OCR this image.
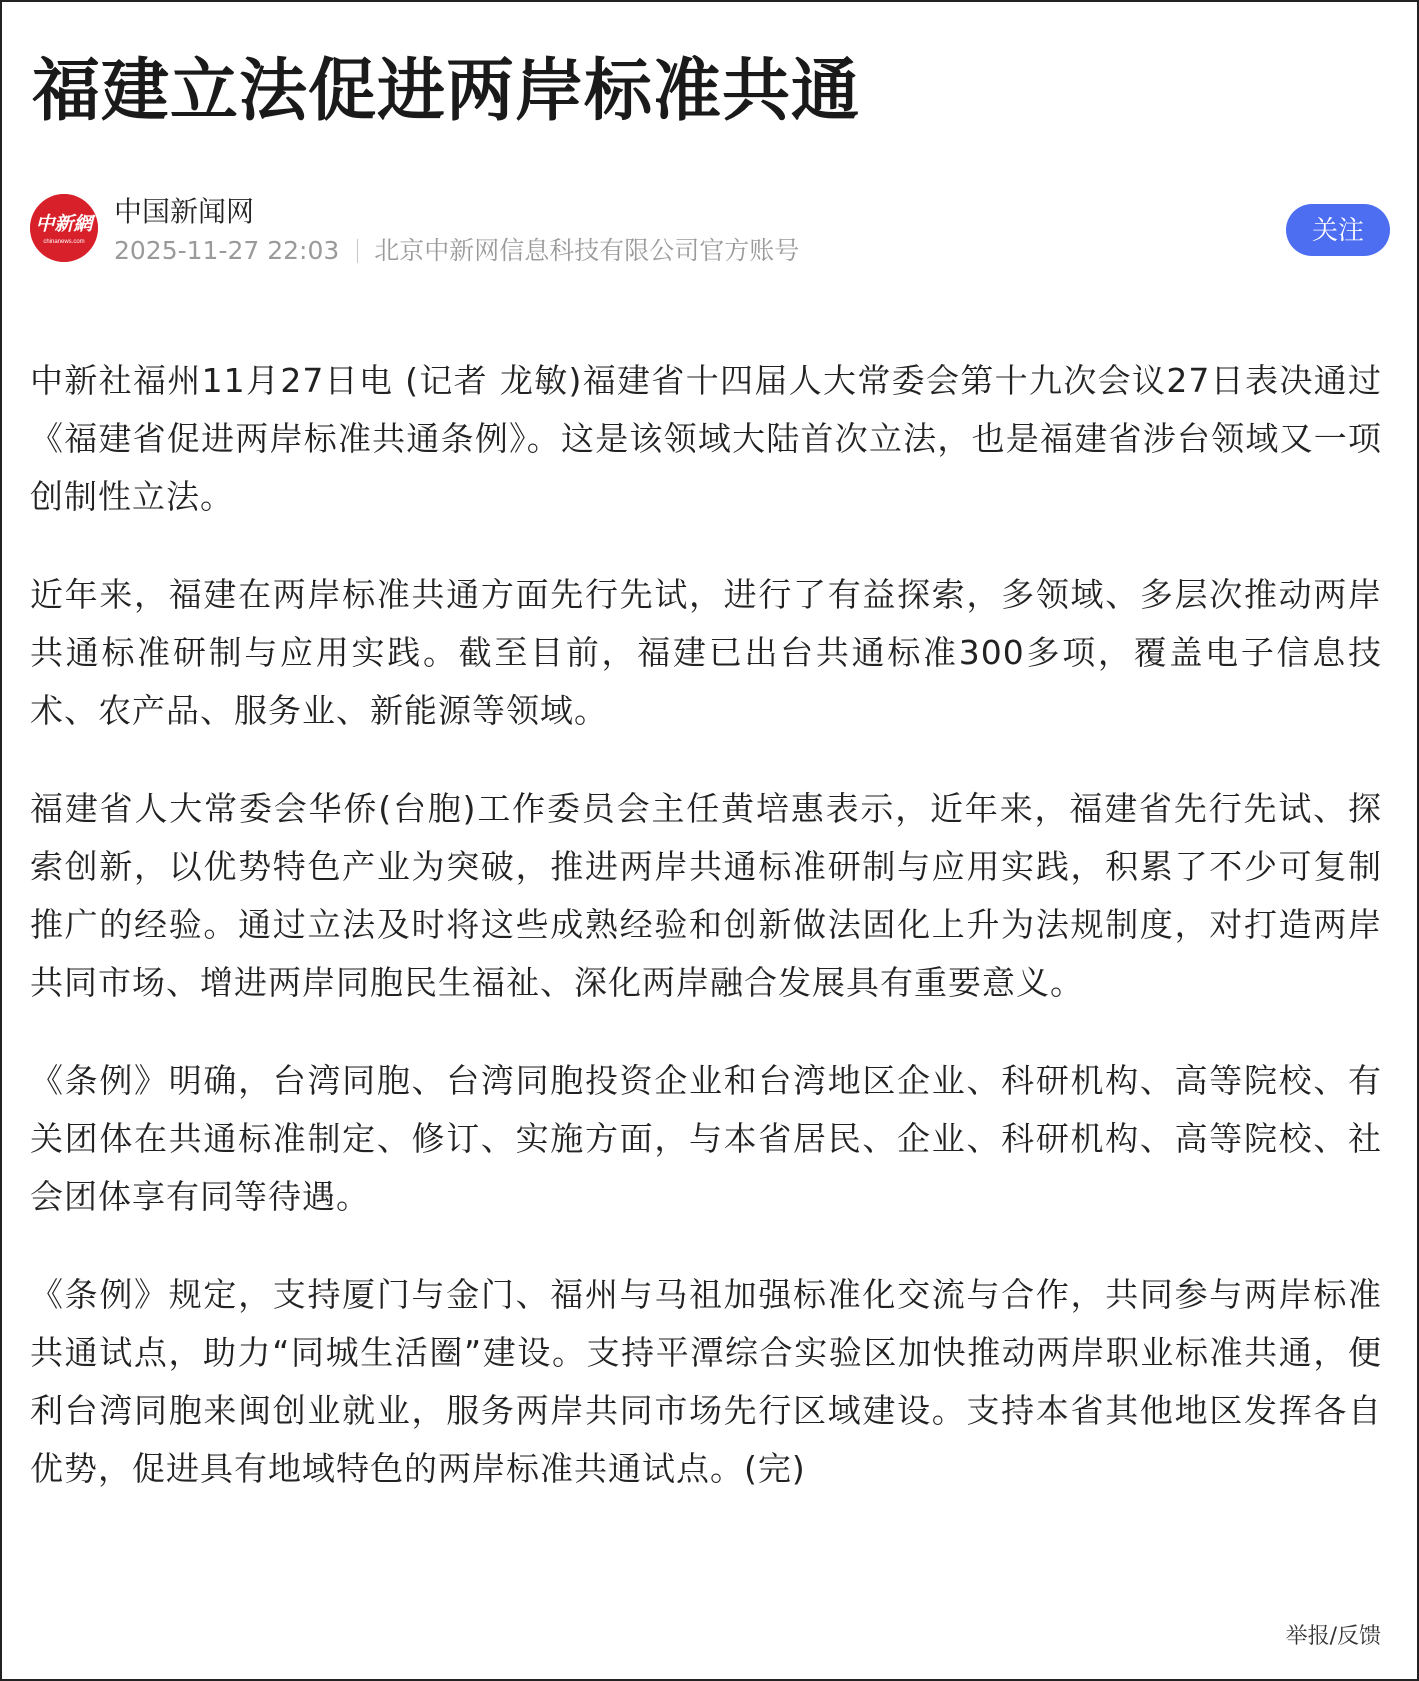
福建立法促进两岸标准共通
中新網
chinanews.com
中国新闻网
2025-11-27 22:03 北京中新网信息科技有限公司官方账号
关注

中新社福州11月27日电 (记者 龙敏)福建省十四届人大常委会第十九次会议27日表决通过《福建省促进两岸标准共通条例》。这是该领域大陆首次立法，也是福建省涉台领域又一项创制性立法。

近年来，福建在两岸标准共通方面先行先试，进行了有益探索，多领域、多层次推动两岸共通标准研制与应用实践。截至目前，福建已出台共通标准300多项，覆盖电子信息技术、农产品、服务业、新能源等领域。

福建省人大常委会华侨(台胞)工作委员会主任黄培惠表示，近年来，福建省先行先试、探索创新，以优势特色产业为突破，推进两岸共通标准研制与应用实践，积累了不少可复制推广的经验。通过立法及时将这些成熟经验和创新做法固化上升为法规制度，对打造两岸共同市场、增进两岸同胞民生福祉、深化两岸融合发展具有重要意义。

《条例》明确，台湾同胞、台湾同胞投资企业和台湾地区企业、科研机构、高等院校、有关团体在共通标准制定、修订、实施方面，与本省居民、企业、科研机构、高等院校、社会团体享有同等待遇。

《条例》规定，支持厦门与金门、福州与马祖加强标准化交流与合作，共同参与两岸标准共通试点，助力“同城生活圈”建设。支持平潭综合实验区加快推动两岸职业标准共通，便利台湾同胞来闽创业就业，服务两岸共同市场先行区域建设。支持本省其他地区发挥各自优势，促进具有地域特色的两岸标准共通试点。(完)

举报/反馈
